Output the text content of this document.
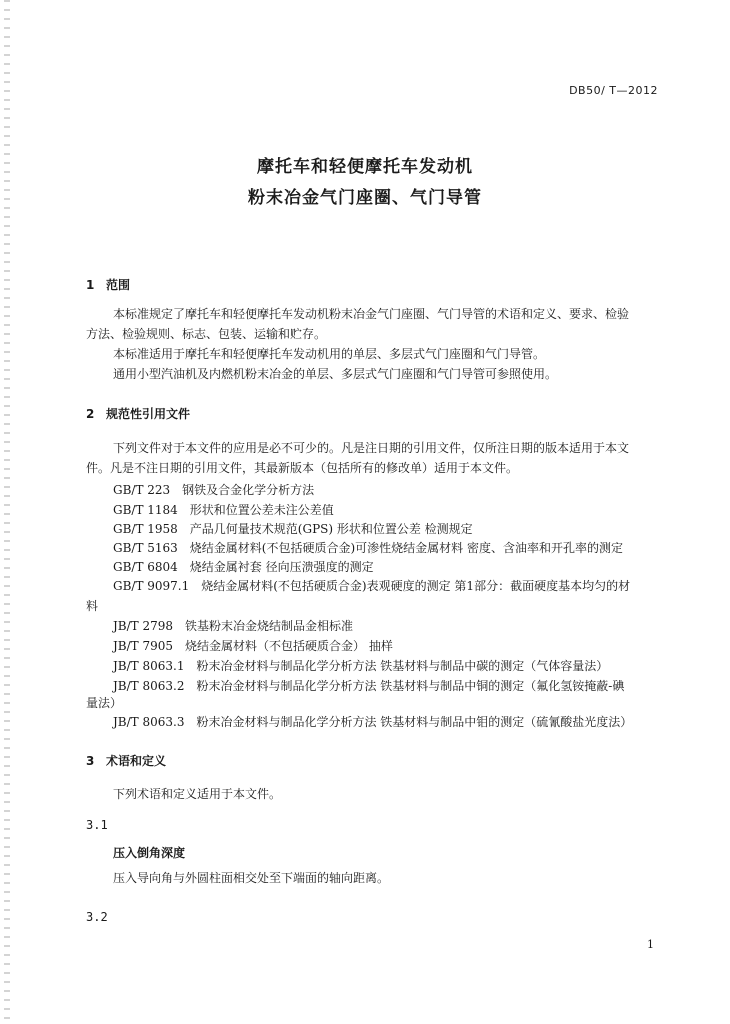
DB50/ T—2012
摩托车和轻便摩托车发动机
粉末冶金气门座圈、气门导管
1 范围
本标准规定了摩托车和轻便摩托车发动机粉末冶金气门座圈、气门导管的术语和定义、要求、检验
方法、检验规则、标志、包装、运输和贮存。
本标准适用于摩托车和轻便摩托车发动机用的单层、多层式气门座圈和气门导管。
通用小型汽油机及内燃机粉末冶金的单层、多层式气门座圈和气门导管可参照使用。
2 规范性引用文件
下列文件对于本文件的应用是必不可少的。凡是注日期的引用文件，仅所注日期的版本适用于本文
件。凡是不注日期的引用文件，其最新版本（包括所有的修改单）适用于本文件。
GB/T 223　钢铁及合金化学分析方法
GB/T 1184　形状和位置公差未注公差值
GB/T 1958　产品几何量技术规范(GPS) 形状和位置公差 检测规定
GB/T 5163　烧结金属材料(不包括硬质合金)可渗性烧结金属材料 密度、含油率和开孔率的测定
GB/T 6804　烧结金属衬套 径向压溃强度的测定
GB/T 9097.1　烧结金属材料(不包括硬质合金)表观硬度的测定 第1部分：截面硬度基本均匀的材
料
JB/T 2798　铁基粉末冶金烧结制品金相标准
JB/T 7905　烧结金属材料（不包括硬质合金） 抽样
JB/T 8063.1　粉末冶金材料与制品化学分析方法 铁基材料与制品中碳的测定（气体容量法）
JB/T 8063.2　粉末冶金材料与制品化学分析方法 铁基材料与制品中铜的测定（氟化氢铵掩蔽-碘
量法）
JB/T 8063.3　粉末冶金材料与制品化学分析方法 铁基材料与制品中钼的测定（硫氰酸盐光度法）
3 术语和定义
下列术语和定义适用于本文件。
3.1
压入倒角深度
压入导向角与外圆柱面相交处至下端面的轴向距离。
3.2
1
